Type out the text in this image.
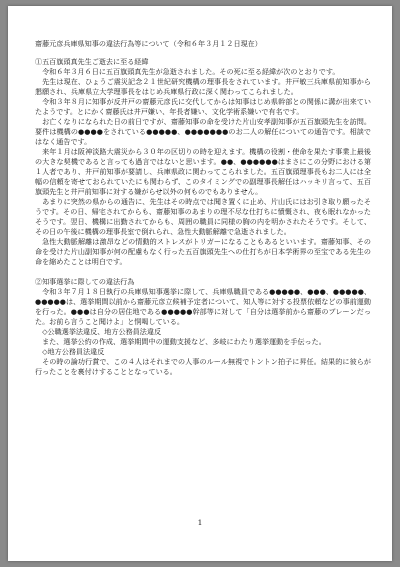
齋藤元彦兵庫県知事の違法行為等について（令和６年３月１２日現在）
①五百旗頭真先生ご逝去に至る経緯

令和６年３月６日に五百旗頭真先生が急逝されました。その死に至る経緯が次のとおりです。

先生は現在、ひょうご震災記念２１世紀研究機構の理事長をされています。井戸敏三兵庫県前知事から懇願され、兵庫県立大学理事長をはじめ兵庫県行政に深く関わってこられました。

令和３年８月に知事が反井戸の齋藤元彦氏に交代してからは知事はじめ県幹部との関係に溝が出来ていたようです。とにかく齋藤氏は井戸嫌い、年長者嫌い、文化学術系嫌いで有名です。

お亡くなりになられた日の前日ですが、齋藤知事の命を受けた片山安孝副知事が五百旗頭先生を訪問。要件は機構の●●●●をされている●●●●●、●●●●●●●のお二人の解任についての通告です。相談ではなく通告です。

来年１月は阪神淡路大震災から３０年の区切りの時を迎えます。機構の役割・使命を果たす事業上最後の大きな契機であると言っても過言ではないと思います。●●、●●●●●●はまさにこの分野における第１人者であり、井戸前知事が要請し、兵庫県政に関わってこられました。五百旗頭理事長もお二人には全幅の信頼を寄せておられていたにも関わらず、このタイミングでの副理事長解任はハッキリ言って、五百旗頭先生と井戸前知事に対する嫌がらせ以外の何ものでもありません。

あまりに突然の県からの通告に、先生はその時点では聞き置くに止め、片山氏にはお引き取り願ったそうです。その日、帰宅されてからも、齋藤知事のあまりの理不尽な仕打ちに憤慨され、夜も眠れなかったそうです。翌日、機構に出勤されてからも、周囲の職員に同様の胸の内を明かされたそうです。そして、その日の午後に機構の理事長室で倒れられ、急性大動脈解離で急逝されました。

急性大動脈解離は激昂などの情動的ストレスがトリガーになることもあるといいます。齋藤知事、その命を受けた片山副知事が何の配慮もなく行った五百旗頭先生への仕打ちが日本学術界の至宝である先生の命を縮めたことは明白です。

②知事選挙に際しての違法行為

令和３年７月１８日執行の兵庫県知事選挙に際して、兵庫県職員である●●●●●、●●●、●●●●●、●●●●●は、選挙期間以前から齋藤元彦立候補予定者について、知人等に対する投票依頼などの事前運動を行った。●●●は自分の居住地である●●●●●幹部等に対して「自分は選挙前から齋藤のブレーンだった。お前ら言うこと聞けよ」と恫喝している。

◇公職選挙法違反、地方公務員法違反

また、選挙公約の作成、選挙期間中の運動支援など、多岐にわたり選挙運動を手伝った。

◇地方公務員法違反

その時の論功行賞で、この４人はそれまでの人事のルール無視でトントン拍子に昇任。結果的に彼らが行ったことを裏付けすることとなっている。

1
